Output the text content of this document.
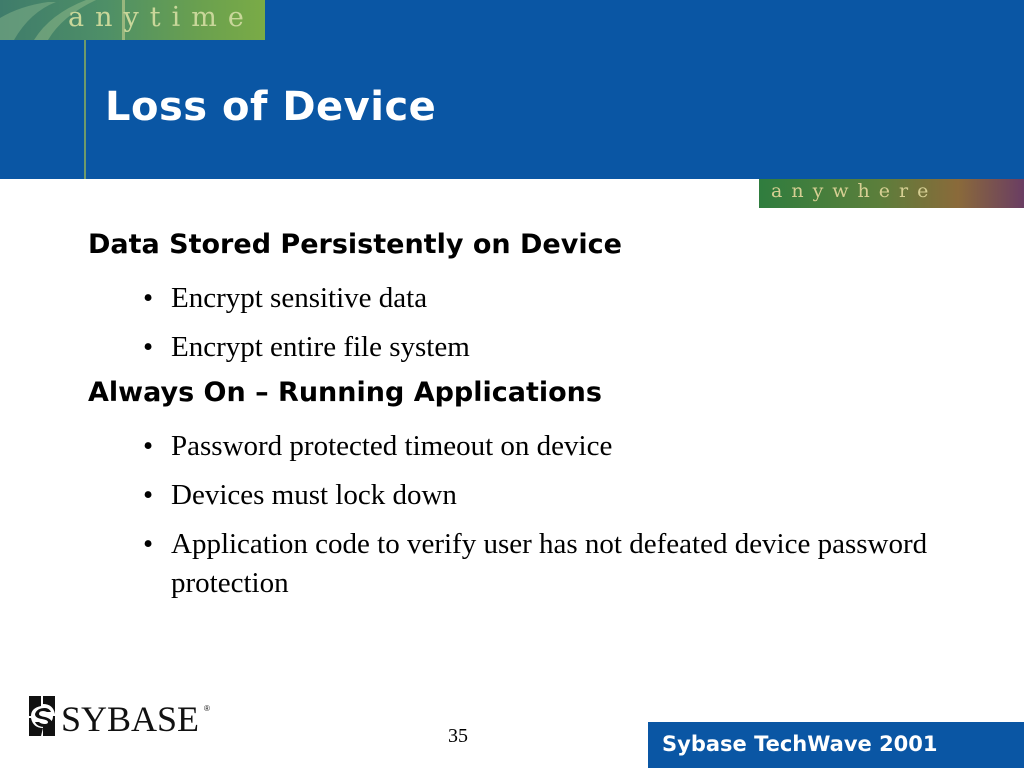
anytime
Loss of Device
anywhere
Data Stored Persistently on Device
• Encrypt sensitive data
• Encrypt entire file system
Always On – Running Applications
• Password protected timeout on device
• Devices must lock down
• Application code to verify user has not defeated device password protection
SYBASE ®
35	Sybase TechWave 2001
